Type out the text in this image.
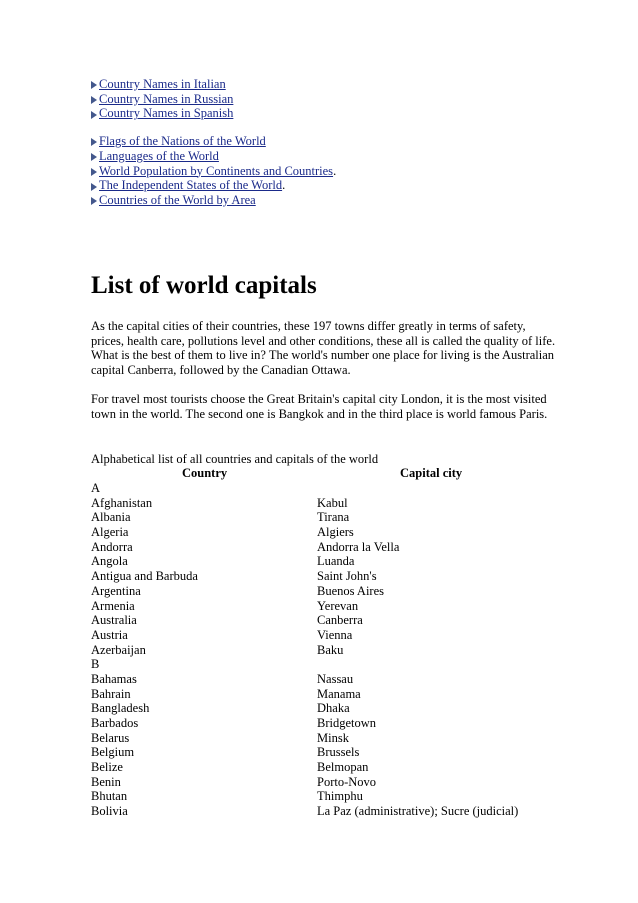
Country Names in Italian
Country Names in Russian
Country Names in Spanish
Flags of the Nations of the World
Languages of the World
World Population by Continents and Countries .
The Independent States of the World .
Countries of the World by Area
List of world capitals

As the capital cities of their countries, these 197 towns differ greatly in terms of safety, prices, health care, pollutions level and other conditions, these all is called the quality of life. What is the best of them to live in? The world's number one place for living is the Australian capital Canberra, followed by the Canadian Ottawa.

For travel most tourists choose the Great Britain's capital city London, it is the most visited town in the world. The second one is Bangkok and in the third place is world famous Paris.

Alphabetical list of all countries and capitals of the world
Country	Capital city
A
Afghanistan	Kabul
Albania	Tirana
Algeria	Algiers
Andorra	Andorra la Vella
Angola	Luanda
Antigua and Barbuda	Saint John's
Argentina	Buenos Aires
Armenia	Yerevan
Australia	Canberra
Austria	Vienna
Azerbaijan	Baku
B
Bahamas	Nassau
Bahrain	Manama
Bangladesh	Dhaka
Barbados	Bridgetown
Belarus	Minsk
Belgium	Brussels
Belize	Belmopan
Benin	Porto-Novo
Bhutan	Thimphu
Bolivia	La Paz (administrative); Sucre (judicial)
